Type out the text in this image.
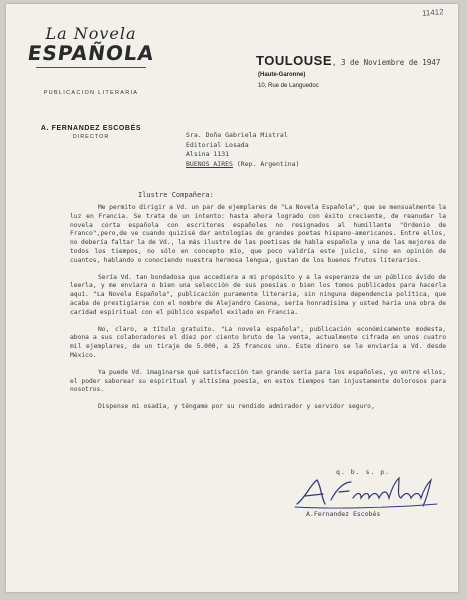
11412
La Novela
ESPAÑOLA
PUBLICACION LITERARIA
A. FERNANDEZ ESCOBÉS
DIRECTOR
TOULOUSE, 3 de Noviembre de 1947
(Haute-Garonne)
10, Rue de Languedoc
Sra. Doña Gabriela Mistral
Editorial Losada
Alsina 1131
BUENOS AIRES (Rep. Argentina)
Ilustre Compañera:

Me permito dirigir a Vd. un par de ejemplares de "La Novela Española", que se mensualmente la luz en Francia. Se trata de un intento: hasta ahora logrado con éxito creciente, de reanudar la novela corta española con escritores españoles no resignados al humillante "Ordenio de Franco",pero,de ve cuando quizisé dar antologías de grandes poetas hispano-americanos. Entre ellos, no debería faltar la de Vd., la más ilustre de las poetisas de habla española y una de las mejores de todos los tiempos, no sólo en concepto mío, que poco valdría este juicio, sino en opinión de cuantos, hablando o conociendo nuestra hermosa lengua, gustan de los buenos frutos literarios.

Sería Vd. tan bondadosa que accediera a mi propósito y a la esperanza de un público ávido de leerla, y me enviara o bien una selección de sus poesías o bien los tomos publicados para hacerla aquí. "La Novela Española", publicación puramente literaria, sin ninguna dependencia política, que acaba de prestigiarse con el nombre de Alejandro Casona, sería honradísima y usted haría una obra de caridad espiritual con el público español exilado en Francia.

No, claro, a título gratuito. "La novela española", publicación económicamente modesta, abona a sus colaboradores el diez por ciento bruto de la venta, actualmente cifrada en unos cuatro mil ejemplares, de un tiraje de 5.000, a 25 francos uno. Este dinero se le enviaría a Vd. desde México.

Ya puede Vd. imaginarse qué satisfacción tan grande sería para los españoles, yo entre ellos, el poder saborear su espiritual y altísima poesía, en estos tiempos tan injustamente dolorosos para nosotros.

Dispense mi osadía, y téngame por su rendido admirador y servidor seguro,

q. b. s. p.
A.Fernandez Escobés
